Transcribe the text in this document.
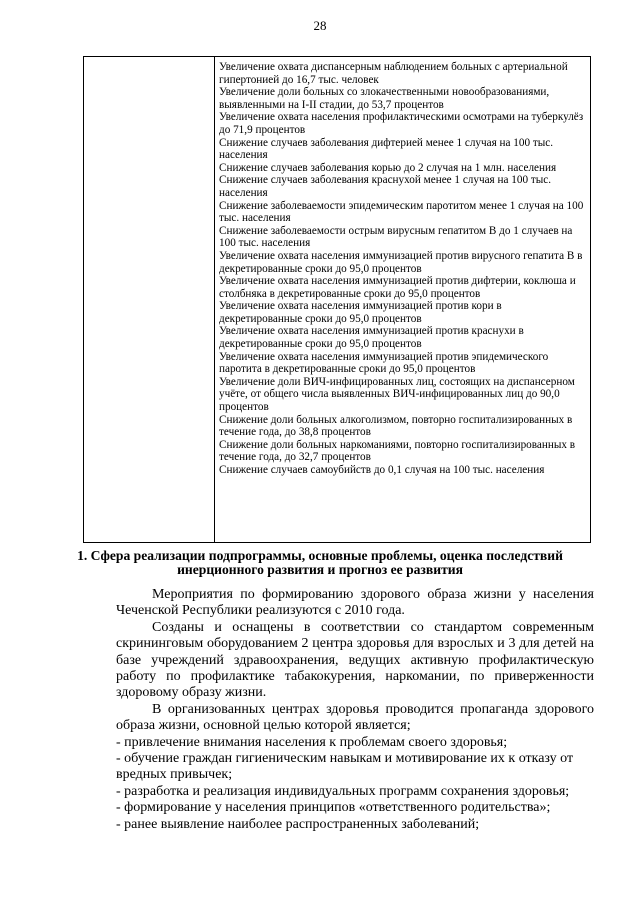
28

Увеличение охвата диспансерным наблюдением больных с артериальной гипертонией до 16,7 тыс. человек

Увеличение доли больных со злокачественными новообразованиями, выявленными на I-II стадии, до 53,7 процентов

Увеличение охвата населения профилактическими осмотрами на туберкулёз до 71,9 процентов

Снижение случаев заболевания дифтерией менее 1 случая на 100 тыс. населения

Снижение случаев заболевания корью до 2 случая на 1 млн. населения

Снижение случаев заболевания краснухой менее 1 случая на 100 тыс. населения

Снижение заболеваемости эпидемическим паротитом менее 1 случая на 100 тыс. населения

Снижение заболеваемости острым вирусным гепатитом В до 1 случаев на 100 тыс. населения

Увеличение охвата населения иммунизацией против вирусного гепатита В в декретированные сроки до 95,0 процентов

Увеличение охвата населения иммунизацией против дифтерии, коклюша и столбняка в декретированные сроки до 95,0 процентов

Увеличение охвата населения иммунизацией против кори в декретированные сроки до 95,0 процентов

Увеличение охвата населения иммунизацией против краснухи в декретированные сроки до 95,0 процентов

Увеличение охвата населения иммунизацией против эпидемического паротита в декретированные сроки до 95,0 процентов

Увеличение доли ВИЧ-инфицированных лиц, состоящих на диспансерном учёте, от общего числа выявленных ВИЧ-инфицированных лиц до 90,0 процентов

Снижение доли больных алкоголизмом, повторно госпитализированных в течение года, до 38,8 процентов

Снижение доли больных наркоманиями, повторно госпитализированных в течение года, до 32,7 процентов

Снижение случаев самоубийств до 0,1 случая на 100 тыс. населения

1. Сфера реализации подпрограммы, основные проблемы, оценка последствий инерционного развития и прогноз ее развития

Мероприятия по формированию здорового образа жизни у населения Чеченской Республики реализуются с 2010 года.

Созданы и оснащены в соответствии со стандартом современным скрининговым оборудованием 2 центра здоровья для взрослых и 3 для детей на базе учреждений здравоохранения, ведущих активную профилактическую работу по профилактике табакокурения, наркомании, по приверженности здоровому образу жизни.

В организованных центрах здоровья проводится пропаганда здорового образа жизни, основной целью которой является;

- привлечение внимания населения к проблемам своего здоровья;

- обучение граждан гигиеническим навыкам и мотивирование их к отказу от вредных привычек;

- разработка и реализация индивидуальных программ сохранения здоровья;

- формирование у населения принципов «ответственного родительства»;

- ранее выявление наиболее распространенных заболеваний;
